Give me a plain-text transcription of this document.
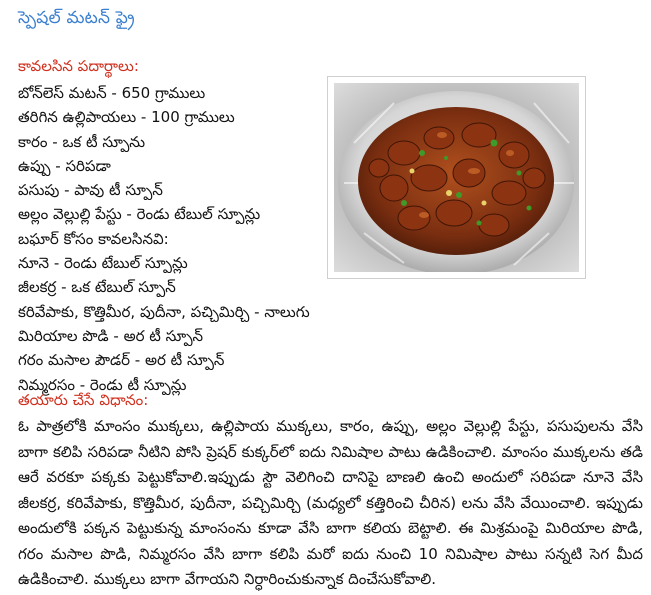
స్పెషల్ మటన్ ఫ్రై
కావలసిన పదార్థాలు:
బోన్‌లెస్ మటన్ - 650 గ్రాములు
తరిగిన ఉల్లిపాయలు - 100 గ్రాములు
కారం - ఒక టీ స్పూను
ఉప్పు - సరిపడా
పసుపు - పావు టీ స్పూన్
అల్లం వెల్లుల్లి పేస్టు - రెండు టేబుల్ స్పూన్లు
బఘార్ కోసం కావలసినవి:
నూనె - రెండు టేబుల్ స్పూన్లు
జీలకర్ర - ఒక టేబుల్ స్పూన్
కరివేపాకు, కొత్తిమీర, పుదీనా, పచ్చిమిర్చి - నాలుగు
మిరియాల పొడి - అర టీ స్పూన్
గరం మసాల పౌడర్ - అర టీ స్పూన్
నిమ్మరసం - రెండు టీ స్పూన్లు
తయారు చేసే విధానం:

ఓ పాత్రలోకి మాంసం ముక్కలు, ఉల్లిపాయ ముక్కలు, కారం, ఉప్పు, అల్లం వెల్లుల్లి పేస్టు, పసుపులను వేసి బాగా కలిపి సరిపడా నీటిని పోసి ప్రెషర్ కుక్కర్‌లో ఐదు నిమిషాల పాటు ఉడికించాలి. మాంసం ముక్కలను తడి ఆరే వరకూ పక్కకు పెట్టుకోవాలి.ఇప్పుడు స్టౌ వెలిగించి దానిపై బాణలి ఉంచి అందులో సరిపడా నూనె వేసి జీలకర్ర, కరివేపాకు, కొత్తిమీర, పుదీనా, పచ్చిమిర్చి (మధ్యలో కత్తిరించి చీరిన) లను వేసి వేయించాలి. ఇప్పుడు అందులోకి పక్కన పెట్టుకున్న మాంసంను కూడా వేసి బాగా కలియ బెట్టాలి. ఈ మిశ్రమంపై మిరియాల పొడి, గరం మసాల పొడి, నిమ్మరసం వేసి బాగా కలిపి మరో ఐదు నుంచి 10 నిమిషాల పాటు సన్నటి సెగ మీద ఉడికించాలి. ముక్కలు బాగా వేగాయని నిర్ధారించుకున్నాక దించేసుకోవాలి.
